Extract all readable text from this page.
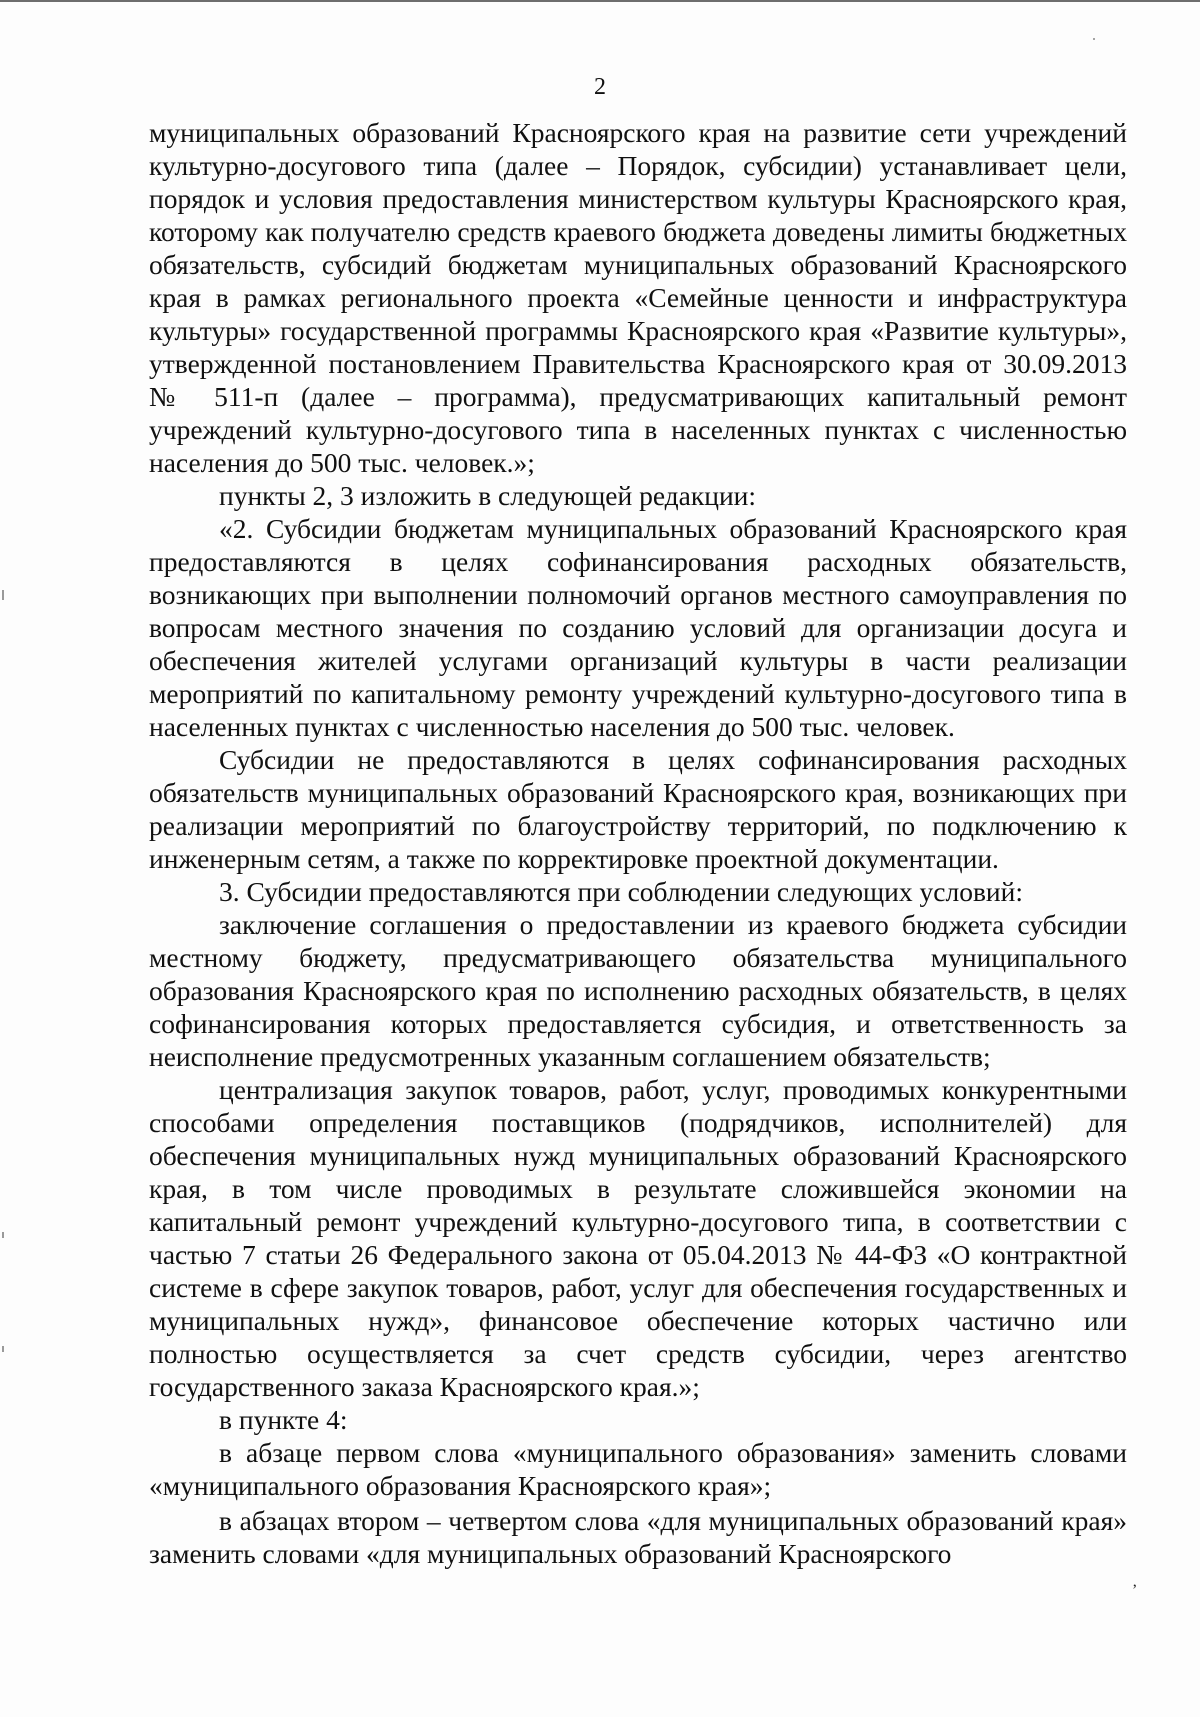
2

муниципальных образований Красноярского края на развитие сети учреждений культурно-досугового типа (далее – Порядок, субсидии) устанавливает цели, порядок и условия предоставления министерством культуры Красноярского края, которому как получателю средств краевого бюджета доведены лимиты бюджетных обязательств, субсидий бюджетам муниципальных образований Красноярского края в рамках регионального проекта «Семейные ценности и инфраструктура культуры» государственной программы Красноярского края «Развитие культуры», утвержденной постановлением Правительства Красноярского края от 30.09.2013 № 511-п (далее – программа), предусматривающих капитальный ремонт учреждений культурно-досугового типа в населенных пунктах с численностью населения до 500 тыс. человек.»;

пункты 2, 3 изложить в следующей редакции:

«2. Субсидии бюджетам муниципальных образований Красноярского края предоставляются в целях софинансирования расходных обязательств, возникающих при выполнении полномочий органов местного самоуправления по вопросам местного значения по созданию условий для организации досуга и обеспечения жителей услугами организаций культуры в части реализации мероприятий по капитальному ремонту учреждений культурно-досугового типа в населенных пунктах с численностью населения до 500 тыс. человек.

Субсидии не предоставляются в целях софинансирования расходных обязательств муниципальных образований Красноярского края, возникающих при реализации мероприятий по благоустройству территорий, по подключению к инженерным сетям, а также по корректировке проектной документации.

3. Субсидии предоставляются при соблюдении следующих условий:

заключение соглашения о предоставлении из краевого бюджета субсидии местному бюджету, предусматривающего обязательства муниципального образования Красноярского края по исполнению расходных обязательств, в целях софинансирования которых предоставляется субсидия, и ответственность за неисполнение предусмотренных указанным соглашением обязательств;

централизация закупок товаров, работ, услуг, проводимых конкурентными способами определения поставщиков (подрядчиков, исполнителей) для обеспечения муниципальных нужд муниципальных образований Красноярского края, в том числе проводимых в результате сложившейся экономии на капитальный ремонт учреждений культурно-досугового типа, в соответствии с частью 7 статьи 26 Федерального закона от 05.04.2013 № 44-ФЗ «О контрактной системе в сфере закупок товаров, работ, услуг для обеспечения государственных и муниципальных нужд», финансовое обеспечение которых частично или полностью осуществляется за счет средств субсидии, через агентство государственного заказа Красноярского края.»;

в пункте 4:

в абзаце первом слова «муниципального образования» заменить словами «муниципального образования Красноярского края»;

в абзацах втором – четвертом слова «для муниципальных образований края» заменить словами «для муниципальных образований Красноярского

’
